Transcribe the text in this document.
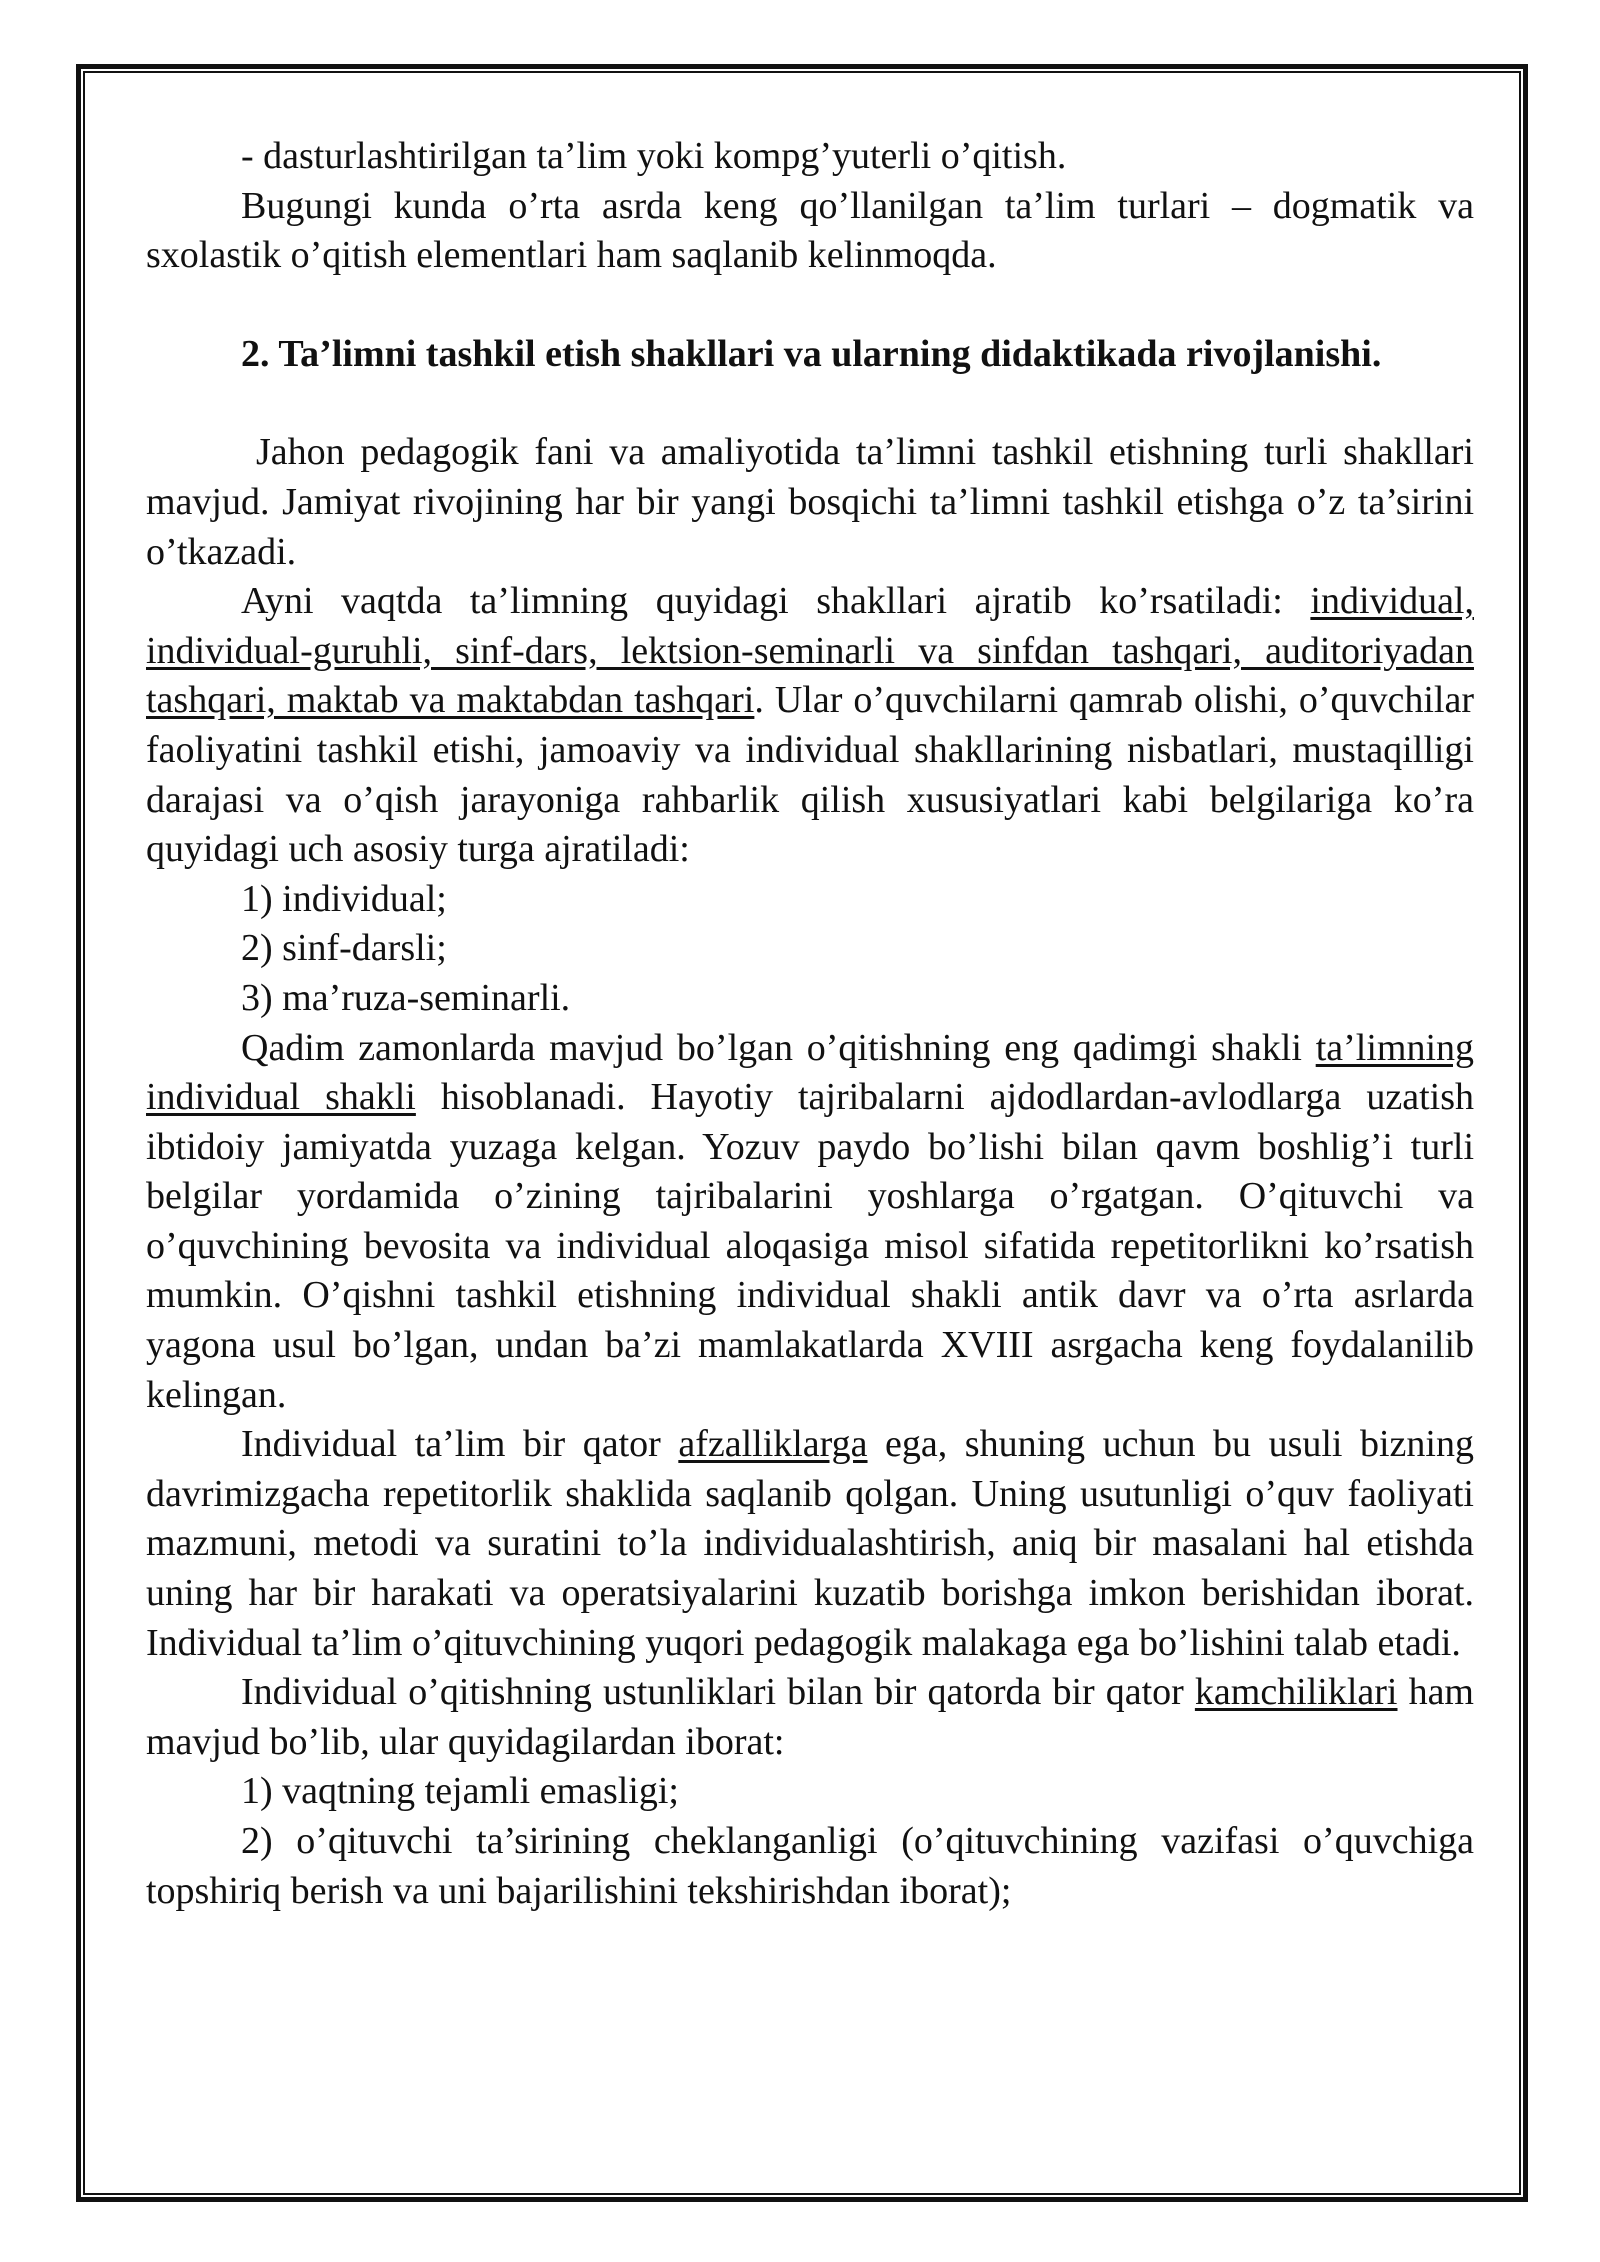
- dasturlashtirilgan ta’lim yoki kompg’yuterli o’qitish.

Bugungi kunda o’rta asrda keng qo’llanilgan ta’lim turlari – dogmatik va sxolastik o’qitish elementlari ham saqlanib kelinmoqda.

2. Ta’limni tashkil etish shakllari va ularning didaktikada rivojlanishi.

Jahon pedagogik fani va amaliyotida ta’limni tashkil etishning turli shakllari mavjud. Jamiyat rivojining har bir yangi bosqichi ta’limni tashkil etishga o’z ta’sirini o’tkazadi.

Ayni vaqtda ta’limning quyidagi shakllari ajratib ko’rsatiladi: individual, individual-guruhli, sinf-dars, lektsion-seminarli va sinfdan tashqari, auditoriyadan tashqari, maktab va maktabdan tashqari. Ular o’quvchilarni qamrab olishi, o’quvchilar faoliyatini tashkil etishi, jamoaviy va individual shakllarining nisbatlari, mustaqilligi darajasi va o’qish jarayoniga rahbarlik qilish xususiyatlari kabi belgilariga ko’ra quyidagi uch asosiy turga ajratiladi:

1) individual;

2) sinf-darsli;

3) ma’ruza-seminarli.

Qadim zamonlarda mavjud bo’lgan o’qitishning eng qadimgi shakli ta’limning individual shakli hisoblanadi. Hayotiy tajribalarni ajdodlardan-avlodlarga uzatish ibtidoiy jamiyatda yuzaga kelgan. Yozuv paydo bo’lishi bilan qavm boshlig’i turli belgilar yordamida o’zining tajribalarini yoshlarga o’rgatgan. O’qituvchi va o’quvchining bevosita va individual aloqasiga misol sifatida repetitorlikni ko’rsatish mumkin. O’qishni tashkil etishning individual shakli antik davr va o’rta asrlarda yagona usul bo’lgan, undan ba’zi mamlakatlarda XVIII asrgacha keng foydalanilib kelingan.

Individual ta’lim bir qator afzalliklarga ega, shuning uchun bu usuli bizning davrimizgacha repetitorlik shaklida saqlanib qolgan. Uning usutunligi o’quv faoliyati mazmuni, metodi va suratini to’la individualashtirish, aniq bir masalani hal etishda uning har bir harakati va operatsiyalarini kuzatib borishga imkon berishidan iborat. Individual ta’lim o’qituvchining yuqori pedagogik malakaga ega bo’lishini talab etadi.

Individual o’qitishning ustunliklari bilan bir qatorda bir qator kamchiliklari ham mavjud bo’lib, ular quyidagilardan iborat:

1) vaqtning tejamli emasligi;

2) o’qituvchi ta’sirining cheklanganligi (o’qituvchining vazifasi o’quvchiga topshiriq berish va uni bajarilishini tekshirishdan iborat);
